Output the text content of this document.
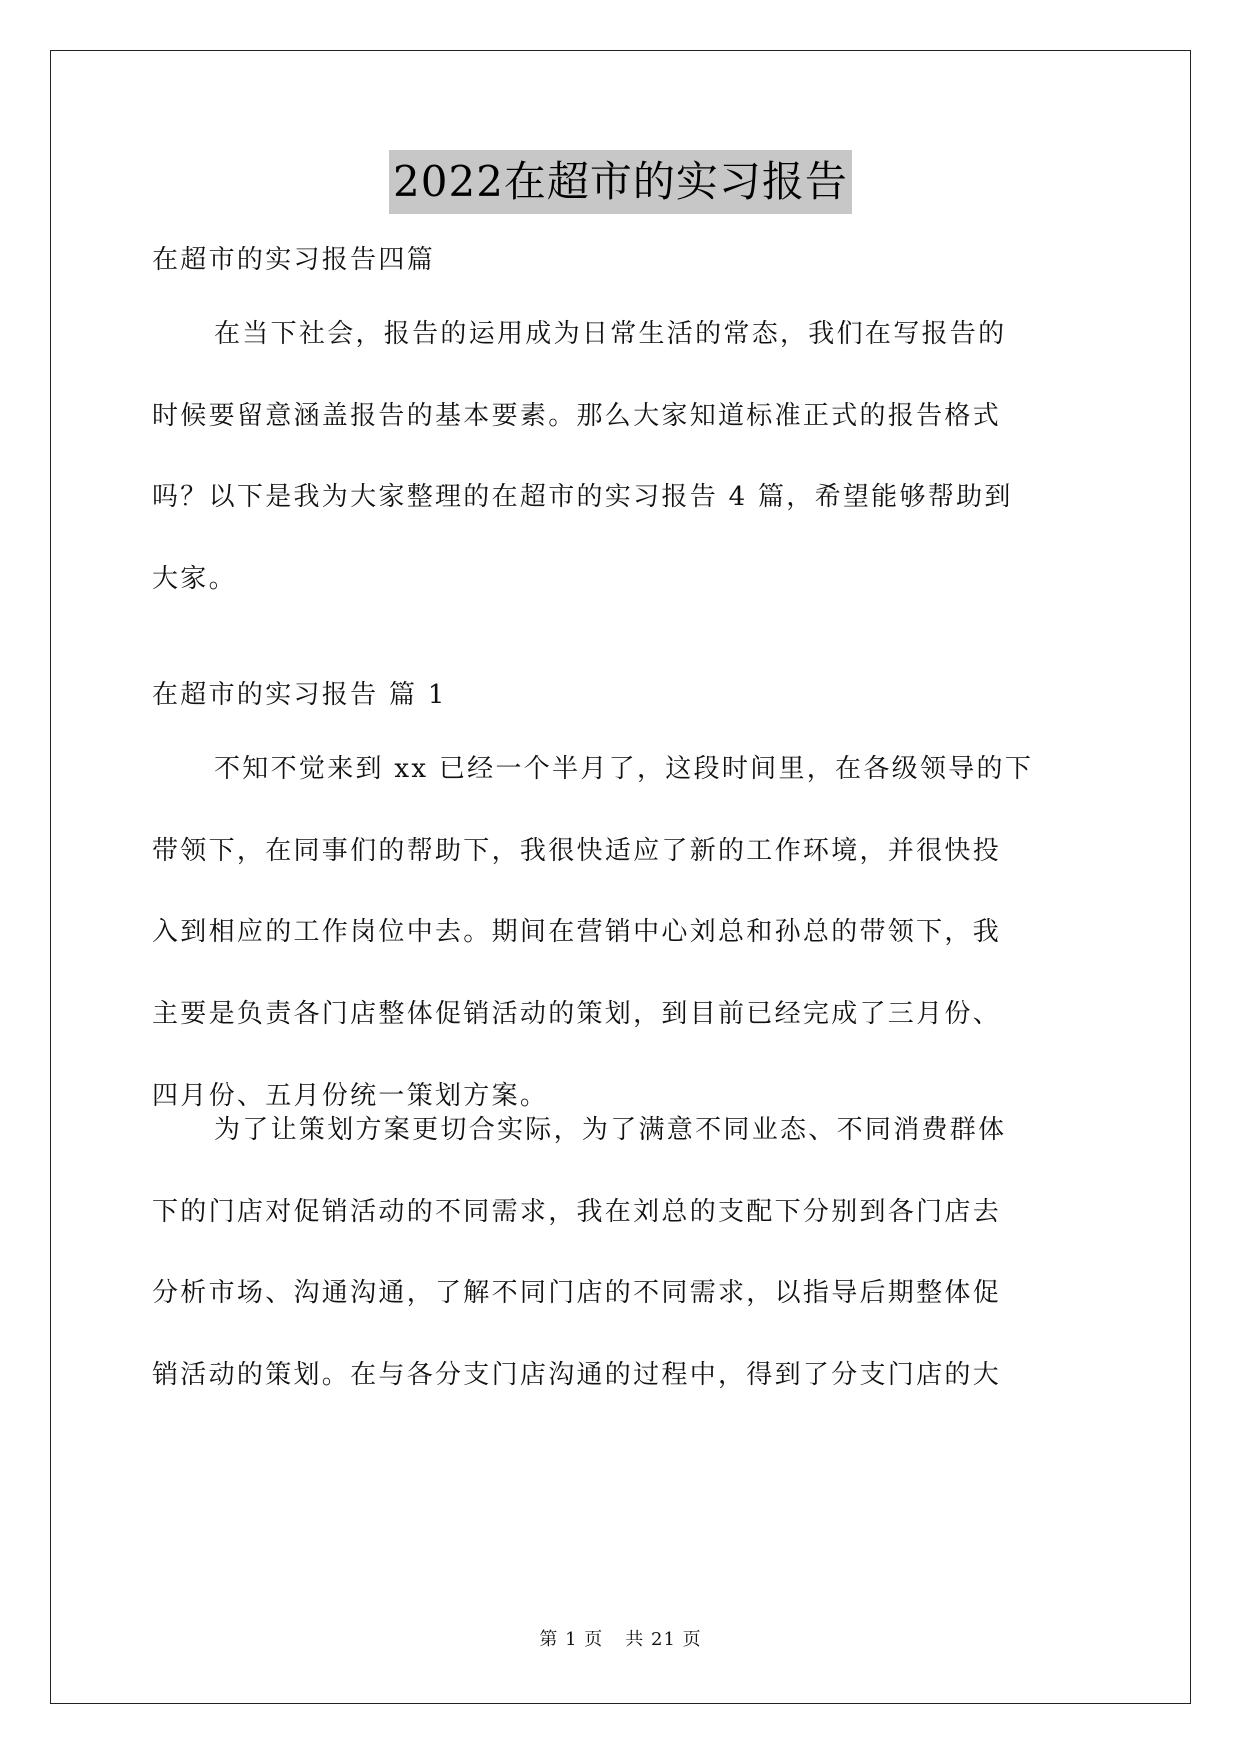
2022在超市的实习报告
在超市的实习报告四篇
在当下社会，报告的运用成为日常生活的常态，我们在写报告的
时候要留意涵盖报告的基本要素。那么大家知道标准正式的报告格式
吗？以下是我为大家整理的在超市的实习报告 4 篇，希望能够帮助到
大家。
在超市的实习报告 篇 1
不知不觉来到 xx 已经一个半月了，这段时间里，在各级领导的下
带领下，在同事们的帮助下，我很快适应了新的工作环境，并很快投
入到相应的工作岗位中去。期间在营销中心刘总和孙总的带领下，我
主要是负责各门店整体促销活动的策划，到目前已经完成了三月份、
四月份、五月份统一策划方案。
为了让策划方案更切合实际，为了满意不同业态、不同消费群体
下的门店对促销活动的不同需求，我在刘总的支配下分别到各门店去
分析市场、沟通沟通，了解不同门店的不同需求，以指导后期整体促
销活动的策划。在与各分支门店沟通的过程中，得到了分支门店的大
第 1 页 共 21 页
